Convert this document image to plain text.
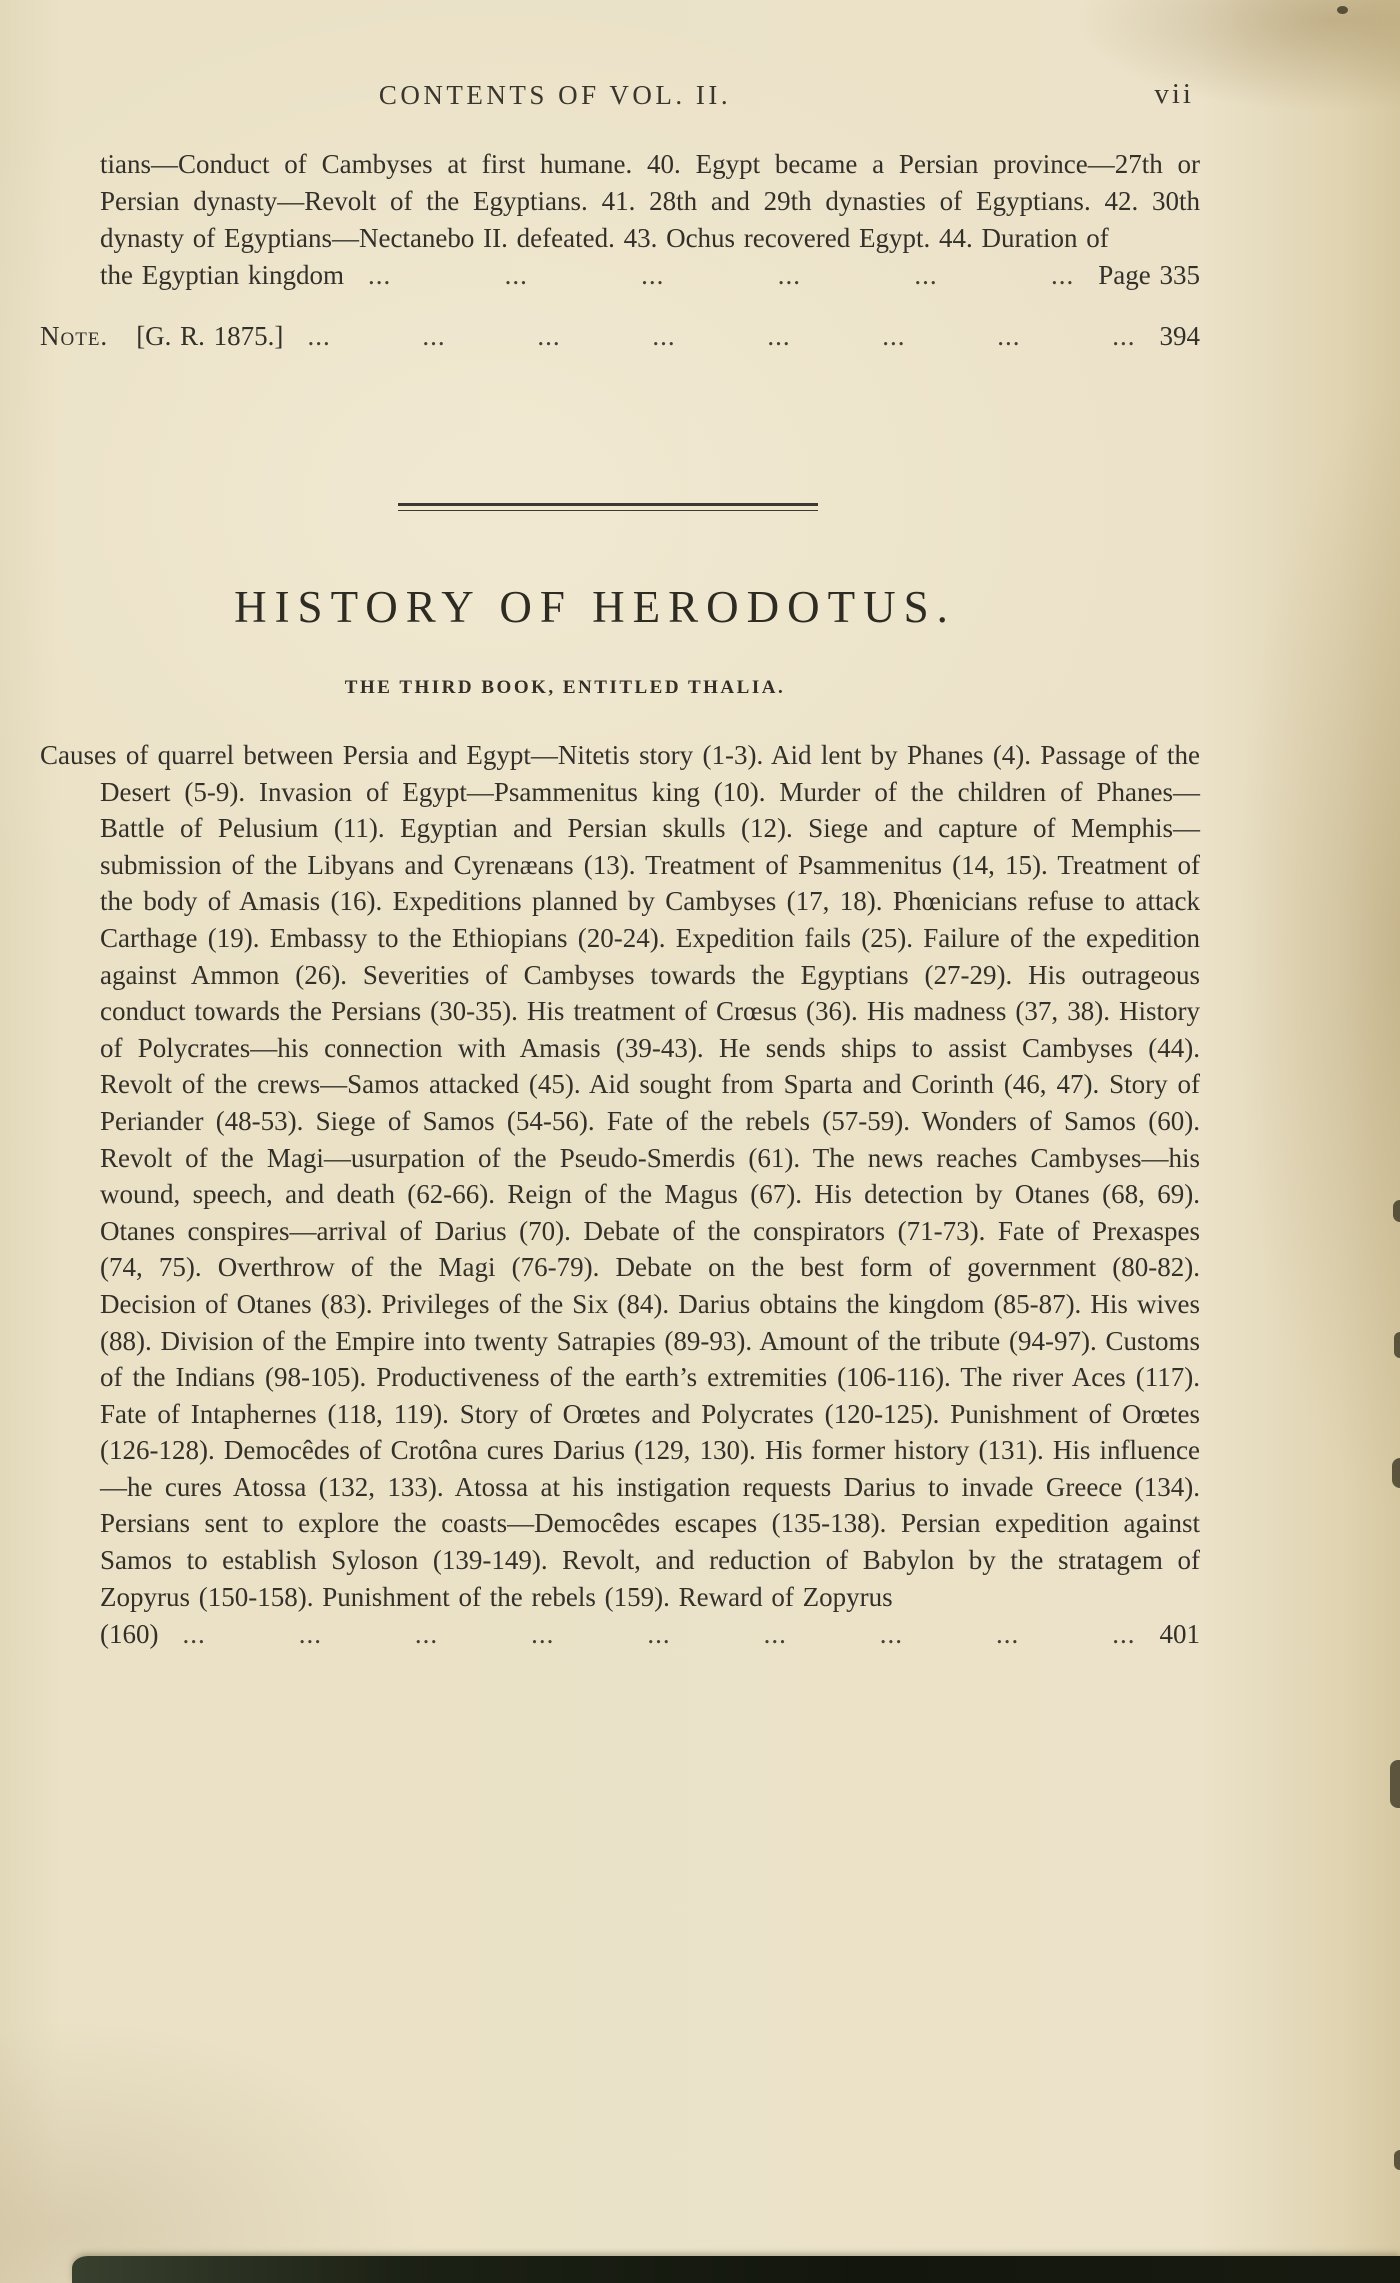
CONTENTS OF VOL. II.	vii

tians—Conduct of Cambyses at first humane. 40. Egypt became a Persian province—27th or Persian dynasty—Revolt of the Egyptians. 41. 28th and 29th dynasties of Egyptians. 42. 30th dynasty of Egyptians—Nectanebo II. defeated. 43. Ochus recovered Egypt. 44. Duration of

the Egyptian kingdom ... ... ... ... ... ... Page 335
Note. [G. R. 1875.] ... ... ... ... ... ... ... ... 394
HISTORY OF HERODOTUS.
THE THIRD BOOK, ENTITLED THALIA.

Causes of quarrel between Persia and Egypt—Nitetis story (1-3). Aid lent by Phanes (4). Passage of the Desert (5-9). Invasion of Egypt—Psammenitus king (10). Murder of the children of Phanes—Battle of Pelusium (11). Egyptian and Persian skulls (12). Siege and capture of Memphis—submission of the Libyans and Cyrenæans (13). Treatment of Psammenitus (14, 15). Treatment of the body of Amasis (16). Expeditions planned by Cambyses (17, 18). Phœnicians refuse to attack Carthage (19). Embassy to the Ethiopians (20-24). Expedition fails (25). Failure of the expedition against Ammon (26). Severities of Cambyses towards the Egyptians (27-29). His outrageous conduct towards the Persians (30-35). His treatment of Crœsus (36). His madness (37, 38). History of Polycrates—his connection with Amasis (39-43). He sends ships to assist Cambyses (44). Revolt of the crews—Samos attacked (45). Aid sought from Sparta and Corinth (46, 47). Story of Periander (48-53). Siege of Samos (54-56). Fate of the rebels (57-59). Wonders of Samos (60). Revolt of the Magi—usurpation of the Pseudo-Smerdis (61). The news reaches Cambyses—his wound, speech, and death (62-66). Reign of the Magus (67). His detection by Otanes (68, 69). Otanes conspires—arrival of Darius (70). Debate of the conspirators (71-73). Fate of Prexaspes (74, 75). Overthrow of the Magi (76-79). Debate on the best form of government (80-82). Decision of Otanes (83). Privileges of the Six (84). Darius obtains the kingdom (85-87). His wives (88). Division of the Empire into twenty Satrapies (89-93). Amount of the tribute (94-97). Customs of the Indians (98-105). Productiveness of the earth’s extremities (106-116). The river Aces (117). Fate of Intaphernes (118, 119). Story of Orœtes and Polycrates (120-125). Punishment of Orœtes (126-128). Democêdes of Crotôna cures Darius (129, 130). His former history (131). His influence—he cures Atossa (132, 133). Atossa at his instigation requests Darius to invade Greece (134). Persians sent to explore the coasts—Democêdes escapes (135-138). Persian expedition against Samos to establish Syloson (139-149). Revolt, and reduction of Babylon by the stratagem of Zopyrus (150-158). Punishment of the rebels (159). Reward of Zopyrus

(160) ... ... ... ... ... ... ... ... ... 401
